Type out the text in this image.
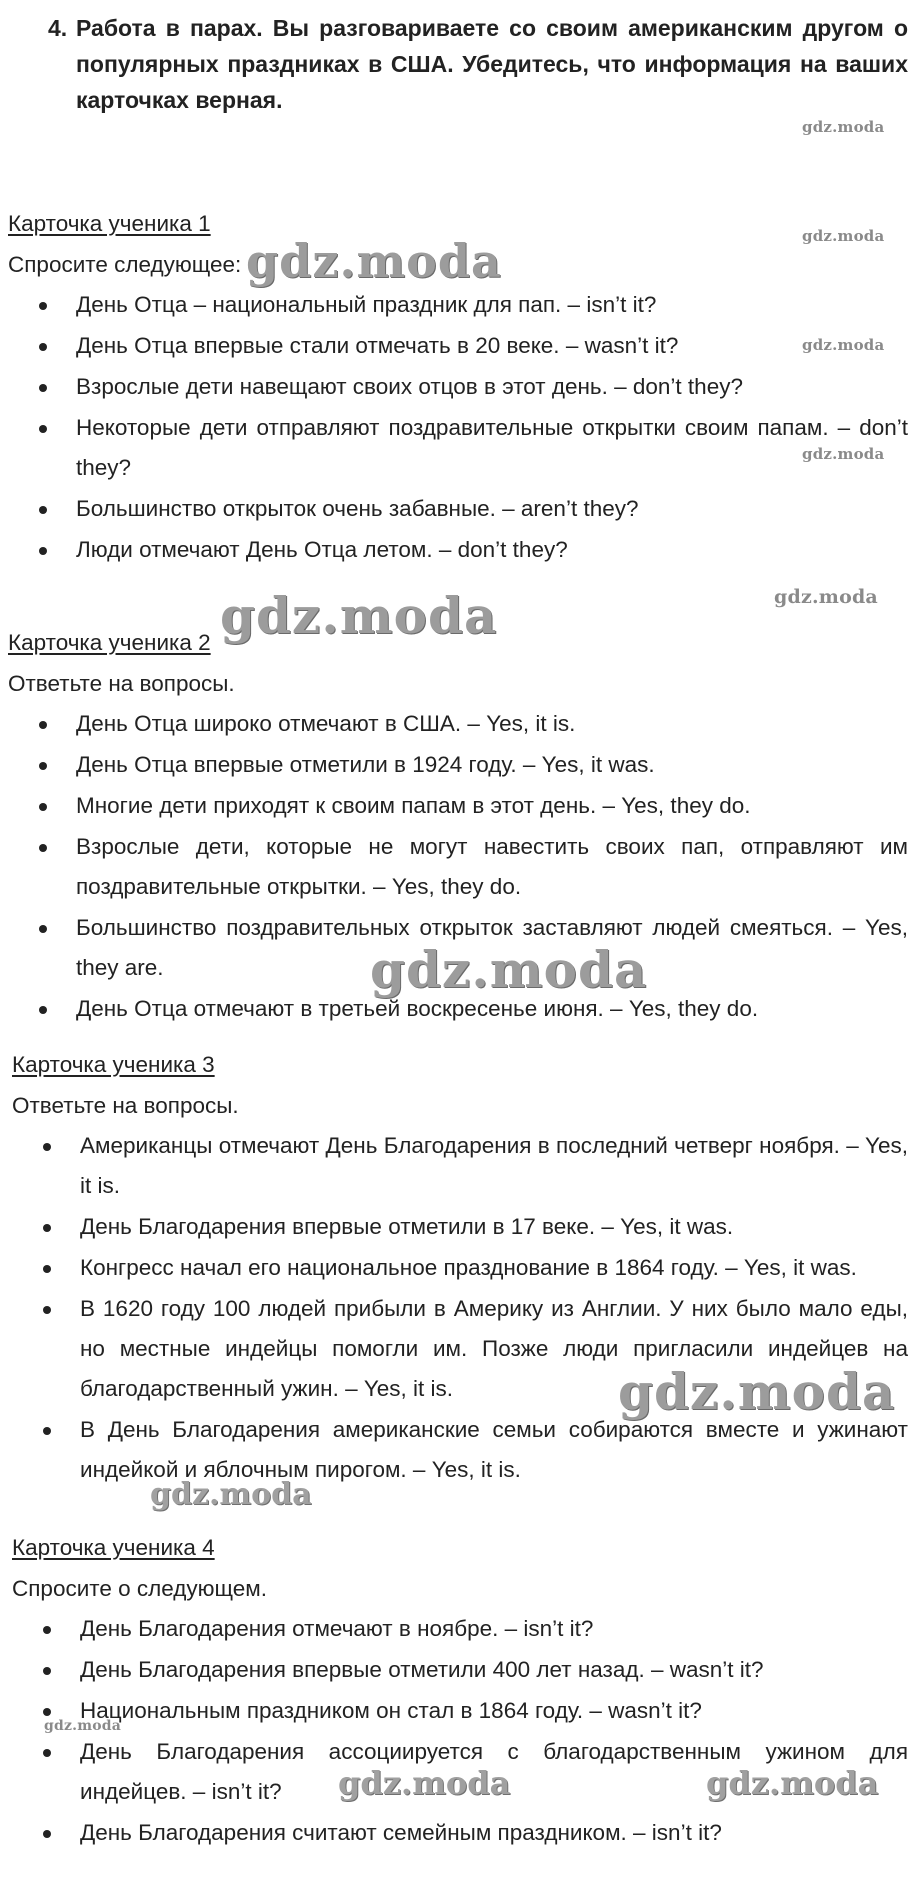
4. Работа в парах. Вы разговариваете со своим американским другом о популярных праздниках в США. Убедитесь, что информация на ваших карточках верная.
Карточка ученика 1
Спросите следующее:
День Отца – национальный праздник для пап. – isn’t it?
День Отца впервые стали отмечать в 20 веке. – wasn’t it?
Взрослые дети навещают своих отцов в этот день. – don’t they?
Некоторые дети отправляют поздравительные открытки своим папам. – don’t they?
Большинство открыток очень забавные. – aren’t they?
Люди отмечают День Отца летом. – don’t they?
Карточка ученика 2
Ответьте на вопросы.
День Отца широко отмечают в США. – Yes, it is.
День Отца впервые отметили в 1924 году. – Yes, it was.
Многие дети приходят к своим папам в этот день. – Yes, they do.
Взрослые дети, которые не могут навестить своих пап, отправляют им поздравительные открытки. – Yes, they do.
Большинство поздравительных открыток заставляют людей смеяться. – Yes, they are.
День Отца отмечают в третьей воскресенье июня. – Yes, they do.
Карточка ученика 3
Ответьте на вопросы.
Американцы отмечают День Благодарения в последний четверг ноября. – Yes, it is.
День Благодарения впервые отметили в 17 веке. – Yes, it was.
Конгресс начал его национальное празднование в 1864 году. – Yes, it was.
В 1620 году 100 людей прибыли в Америку из Англии. У них было мало еды, но местные индейцы помогли им. Позже люди пригласили индейцев на благодарственный ужин. – Yes, it is.
В День Благодарения американские семьи собираются вместе и ужинают индейкой и яблочным пирогом. – Yes, it is.
Карточка ученика 4
Спросите о следующем.
День Благодарения отмечают в ноябре. – isn’t it?
День Благодарения впервые отметили 400 лет назад. – wasn’t it?
Национальным праздником он стал в 1864 году. – wasn’t it?
День Благодарения ассоциируется с благодарственным ужином для индейцев. – isn’t it?
День Благодарения считают семейным праздником. – isn’t it?
gdz.moda
gdz.moda
gdz.moda
gdz.moda
gdz.moda
gdz.moda
gdz.moda
gdz.moda
gdz.moda
gdz.moda
gdz.moda
gdz.moda	gdz.moda
